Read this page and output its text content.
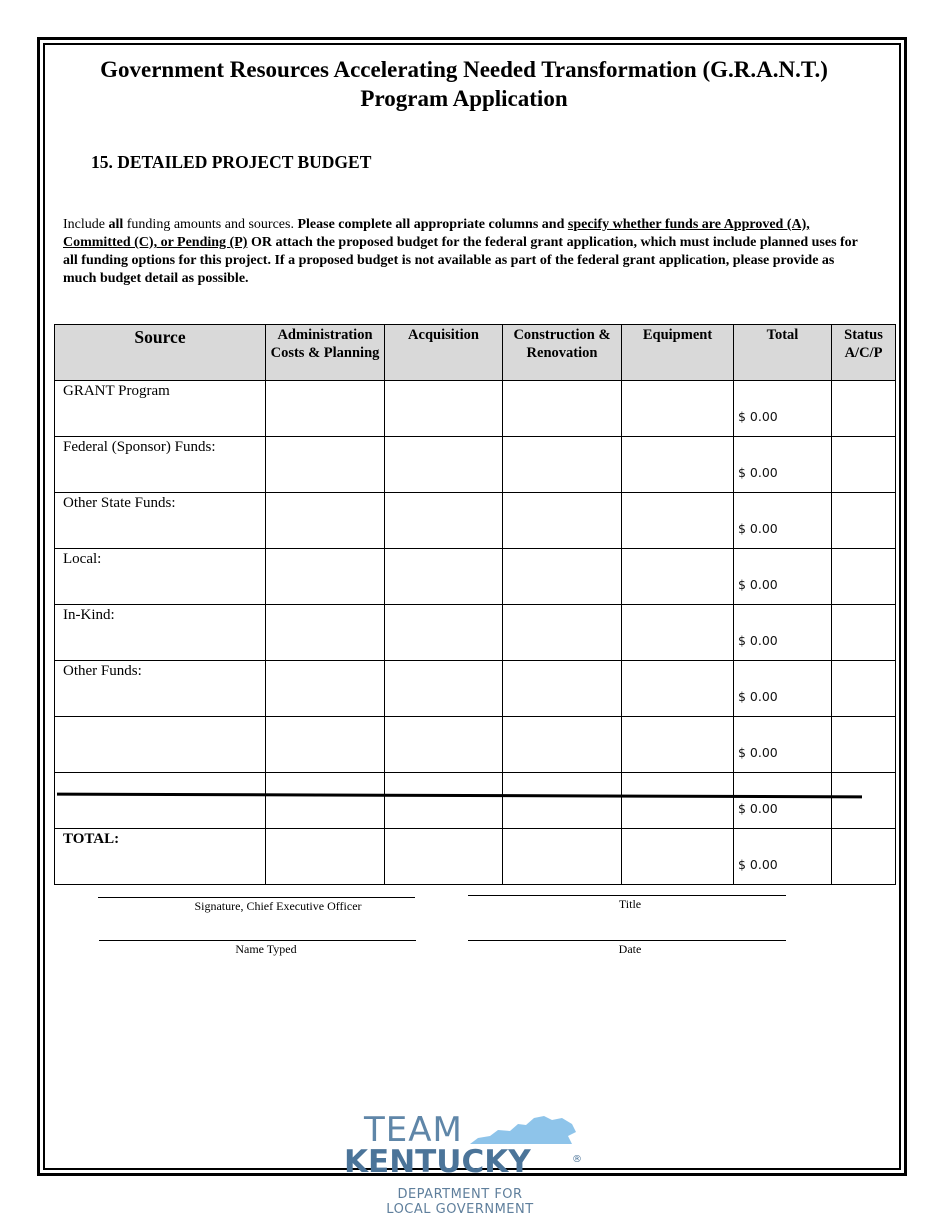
Government Resources Accelerating Needed Transformation (G.R.A.N.T.)
Program Application
15. DETAILED PROJECT BUDGET
Include all funding amounts and sources. Please complete all appropriate columns and specify whether funds are Approved (A), Committed (C), or Pending (P) OR attach the proposed budget for the federal grant application, which must include planned uses for all funding options for this project. If a proposed budget is not available as part of the federal grant application, please provide as much budget detail as possible.
Source	Administration Costs & Planning	Acquisition	Construction & Renovation	Equipment	Total	Status A/C/P
GRANT Program					$ 0.00	
Federal (Sponsor) Funds:					$ 0.00	
Other State Funds:					$ 0.00	
Local:					$ 0.00	
In-Kind:					$ 0.00	
Other Funds:					$ 0.00	
					$ 0.00	
					$ 0.00	
TOTAL:					$ 0.00	
Signature, Chief Executive Officer	Title
Name Typed	Date
TEAM
KENTUCKY	®
DEPARTMENT FOR
LOCAL GOVERNMENT
